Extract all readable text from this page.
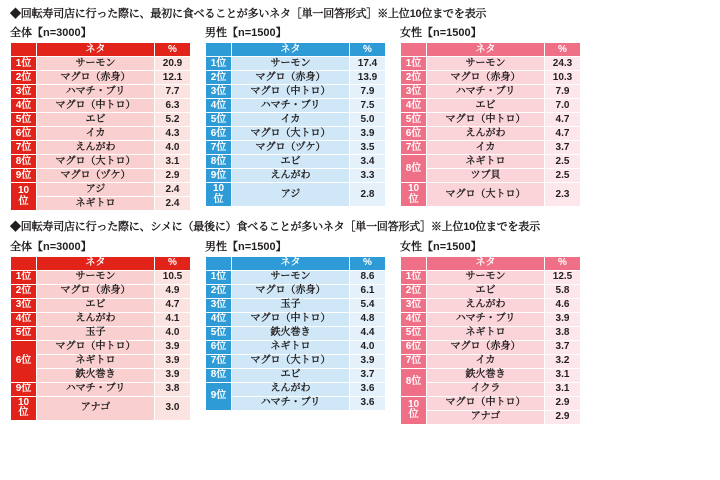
◆回転寿司店に行った際に、最初に食べることが多いネタ［単一回答形式］※上位10位までを表示
全体【n=3000】
	ネタ	%
1位	サーモン	20.9
2位	マグロ（赤身）	12.1
3位	ハマチ・ブリ	7.7
4位	マグロ（中トロ）	6.3
5位	エビ	5.2
6位	イカ	4.3
7位	えんがわ	4.0
8位	マグロ（大トロ）	3.1
9位	マグロ（ヅケ）	2.9
10位	アジ	2.4
	ネギトロ	2.4
男性【n=1500】
	ネタ	%
1位	サーモン	17.4
2位	マグロ（赤身）	13.9
3位	マグロ（中トロ）	7.9
4位	ハマチ・ブリ	7.5
5位	イカ	5.0
6位	マグロ（大トロ）	3.9
7位	マグロ（ヅケ）	3.5
8位	エビ	3.4
9位	えんがわ	3.3
10位	アジ	2.8
女性【n=1500】
	ネタ	%
1位	サーモン	24.3
2位	マグロ（赤身）	10.3
3位	ハマチ・ブリ	7.9
4位	エビ	7.0
5位	マグロ（中トロ）	4.7
6位	えんがわ	4.7
7位	イカ	3.7
8位	ネギトロ	2.5
	ツブ貝	2.5
10位	マグロ（大トロ）	2.3
◆回転寿司店に行った際に、シメに（最後に）食べることが多いネタ［単一回答形式］※上位10位までを表示
全体【n=3000】
	ネタ	%
1位	サーモン	10.5
2位	マグロ（赤身）	4.9
3位	エビ	4.7
4位	えんがわ	4.1
5位	玉子	4.0
6位	マグロ（中トロ）	3.9
	ネギトロ	3.9
	鉄火巻き	3.9
9位	ハマチ・ブリ	3.8
10位	アナゴ	3.0
男性【n=1500】
	ネタ	%
1位	サーモン	8.6
2位	マグロ（赤身）	6.1
3位	玉子	5.4
4位	マグロ（中トロ）	4.8
5位	鉄火巻き	4.4
6位	ネギトロ	4.0
7位	マグロ（大トロ）	3.9
8位	エビ	3.7
9位	えんがわ	3.6
	ハマチ・ブリ	3.6
女性【n=1500】
	ネタ	%
1位	サーモン	12.5
2位	エビ	5.8
3位	えんがわ	4.6
4位	ハマチ・ブリ	3.9
5位	ネギトロ	3.8
6位	マグロ（赤身）	3.7
7位	イカ	3.2
8位	鉄火巻き	3.1
	イクラ	3.1
10位	マグロ（中トロ）	2.9
	アナゴ	2.9
